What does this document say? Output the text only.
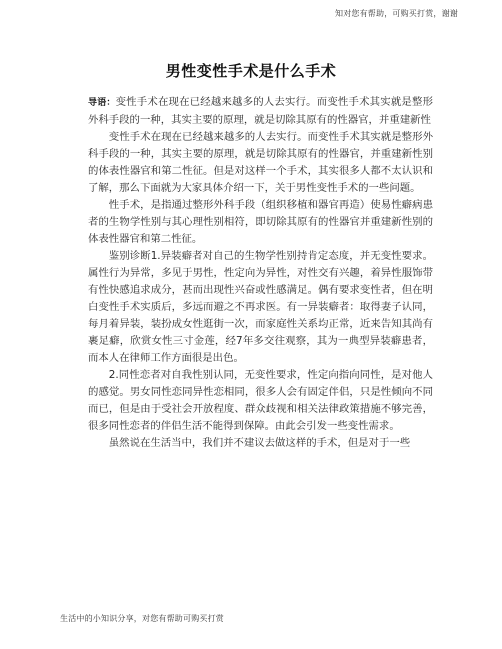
知对您有帮助，可购买打赏，谢谢
男性变性手术是什么手术

导语：变性手术在现在已经越来越多的人去实行。而变性手术其实就是整形外科手段的一种，其实主要的原理，就是切除其原有的性器官，并重建新性

变性手术在现在已经越来越多的人去实行。而变性手术其实就是整形外科手段的一种，其实主要的原理，就是切除其原有的性器官，并重建新性别的体表性器官和第二性征。但是对这样一个手术，其实很多人都不太认识和了解，那么下面就为大家具体介绍一下，关于男性变性手术的一些问题。

性手术，是指通过整形外科手段（组织移植和器官再造）使易性癖病患者的生物学性别与其心理性别相符，即切除其原有的性器官并重建新性别的体表性器官和第二性征。

鉴别诊断1.异装癖者对自己的生物学性别持肯定态度，并无变性要求。属性行为异常，多见于男性，性定向为异性，对性交有兴趣，着异性服饰带有性快感追求成分，甚而出现性兴奋或性感满足。偶有要求变性者，但在明白变性手术实质后，多远而避之不再求医。有一异装癖者：取得妻子认同，每月着异装，装扮成女性逛街一次，而家庭性关系均正常，近来告知其尚有裹足癖，欣赏女性三寸金莲，经7年多交往观察，其为一典型异装癖患者，而本人在律师工作方面很是出色。

2.同性恋者对自我性别认同，无变性要求，性定向指向同性，是对他人的感觉。男女同性恋同异性恋相同，很多人会有固定伴侣，只是性倾向不同而已，但是由于受社会开放程度、群众歧视和相关法律政策措施不够完善，很多同性恋者的伴侣生活不能得到保障。由此会引发一些变性需求。

虽然说在生活当中，我们并不建议去做这样的手术，但是对于一些

生活中的小知识分享，对您有帮助可购买打赏
